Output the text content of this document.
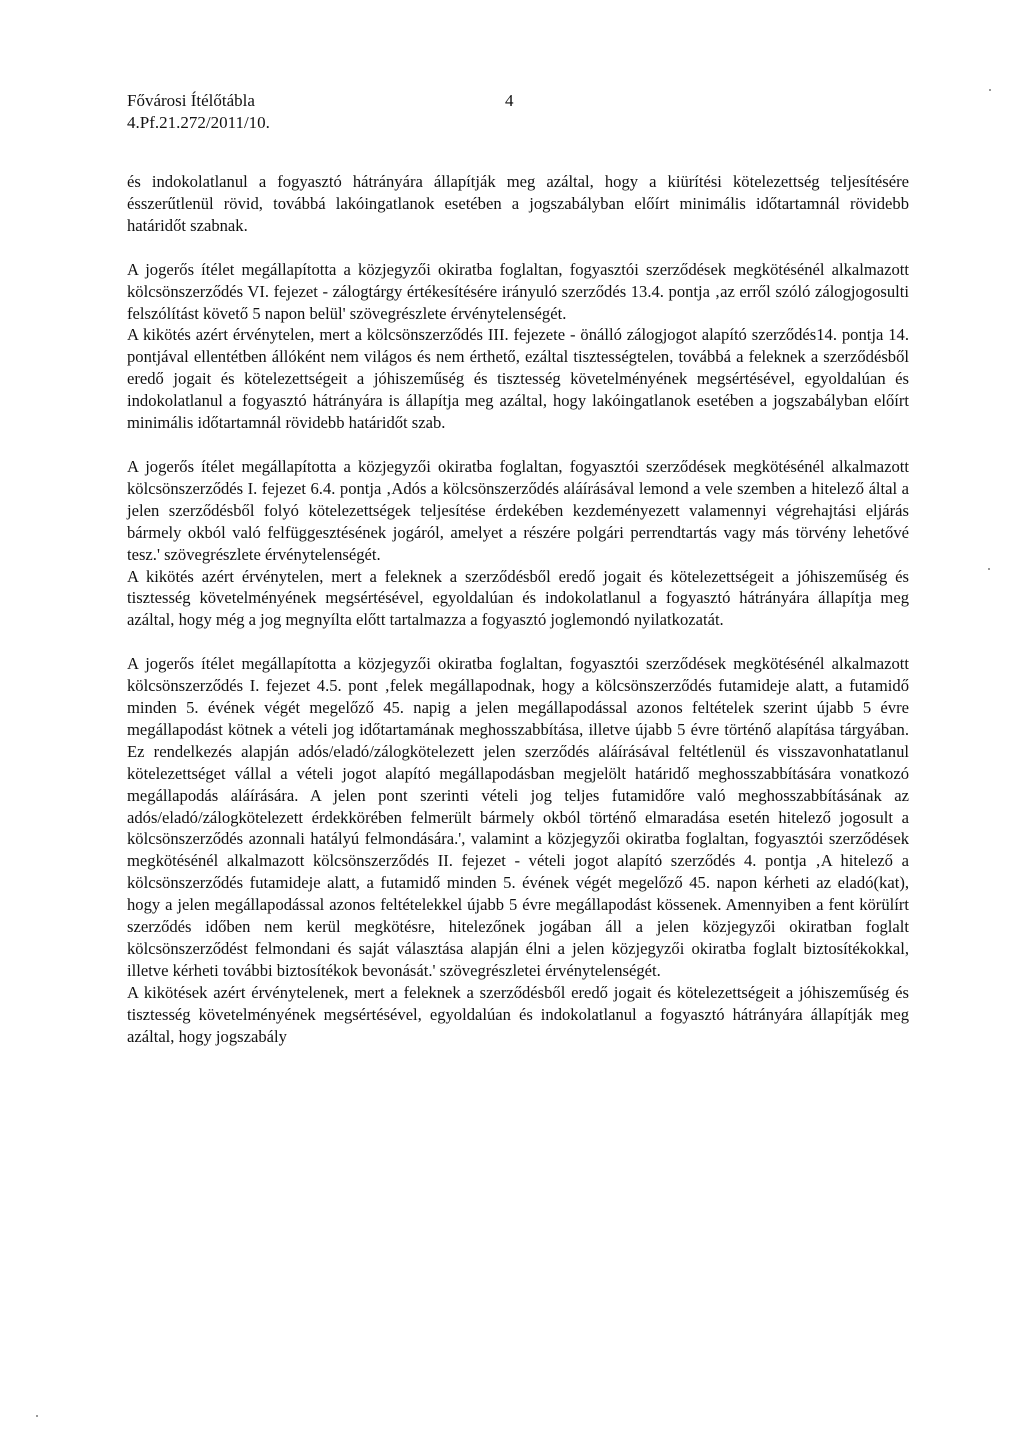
Fővárosi Ítélőtábla
4.Pf.21.272/2011/10.
4

és indokolatlanul a fogyasztó hátrányára állapítják meg azáltal, hogy a kiürítési kötelezettség teljesítésére ésszerűtlenül rövid, továbbá lakóingatlanok esetében a jogszabályban előírt minimális időtartamnál rövidebb határidőt szabnak.

A jogerős ítélet megállapította a közjegyzői okiratba foglaltan, fogyasztói szerződések megkötésénél alkalmazott kölcsönszerződés VI. fejezet - zálogtárgy értékesítésére irányuló szerződés 13.4. pontja ‚az erről szóló zálogjogosulti felszólítást követő 5 napon belül' szövegrészlete érvénytelenségét.

A kikötés azért érvénytelen, mert a kölcsönszerződés III. fejezete - önálló zálogjogot alapító szerződés14. pontja 14. pontjával ellentétben állóként nem világos és nem érthető, ezáltal tisztességtelen, továbbá a feleknek a szerződésből eredő jogait és kötelezettségeit a jóhiszeműség és tisztesség követelményének megsértésével, egyoldalúan és indokolatlanul a fogyasztó hátrányára is állapítja meg azáltal, hogy lakóingatlanok esetében a jogszabályban előírt minimális időtartamnál rövidebb határidőt szab.

A jogerős ítélet megállapította a közjegyzői okiratba foglaltan, fogyasztói szerződések megkötésénél alkalmazott kölcsönszerződés I. fejezet 6.4. pontja ‚Adós a kölcsönszerződés aláírásával lemond a vele szemben a hitelező által a jelen szerződésből folyó kötelezettségek teljesítése érdekében kezdeményezett valamennyi végrehajtási eljárás bármely okból való felfüggesztésének jogáról, amelyet a részére polgári perrendtartás vagy más törvény lehetővé tesz.' szövegrészlete érvénytelenségét.

A kikötés azért érvénytelen, mert a feleknek a szerződésből eredő jogait és kötelezettségeit a jóhiszeműség és tisztesség követelményének megsértésével, egyoldalúan és indokolatlanul a fogyasztó hátrányára állapítja meg azáltal, hogy még a jog megnyílta előtt tartalmazza a fogyasztó joglemondó nyilatkozatát.

A jogerős ítélet megállapította a közjegyzői okiratba foglaltan, fogyasztói szerződések megkötésénél alkalmazott kölcsönszerződés I. fejezet 4.5. pont ‚felek megállapodnak, hogy a kölcsönszerződés futamideje alatt, a futamidő minden 5. évének végét megelőző 45. napig a jelen megállapodással azonos feltételek szerint újabb 5 évre megállapodást kötnek a vételi jog időtartamának meghosszabbítása, illetve újabb 5 évre történő alapítása tárgyában. Ez rendelkezés alapján adós/eladó/zálogkötelezett jelen szerződés aláírásával feltétlenül és visszavonhatatlanul kötelezettséget vállal a vételi jogot alapító megállapodásban megjelölt határidő meghosszabbítására vonatkozó megállapodás aláírására. A jelen pont szerinti vételi jog teljes futamidőre való meghosszabbításának az adós/eladó/zálogkötelezett érdekkörében felmerült bármely okból történő elmaradása esetén hitelező jogosult a kölcsönszerződés azonnali hatályú felmondására.', valamint a közjegyzői okiratba foglaltan, fogyasztói szerződések megkötésénél alkalmazott kölcsönszerződés II. fejezet - vételi jogot alapító szerződés 4. pontja ‚A hitelező a kölcsönszerződés futamideje alatt, a futamidő minden 5. évének végét megelőző 45. napon kérheti az eladó(kat), hogy a jelen megállapodással azonos feltételekkel újabb 5 évre megállapodást kössenek. Amennyiben a fent körülírt szerződés időben nem kerül megkötésre, hitelezőnek jogában áll a jelen közjegyzői okiratban foglalt kölcsönszerződést felmondani és saját választása alapján élni a jelen közjegyzői okiratba foglalt biztosítékokkal, illetve kérheti további biztosítékok bevonását.' szövegrészletei érvénytelenségét.

A kikötések azért érvénytelenek, mert a feleknek a szerződésből eredő jogait és kötelezettségeit a jóhiszeműség és tisztesség követelményének megsértésével, egyoldalúan és indokolatlanul a fogyasztó hátrányára állapítják meg azáltal, hogy jogszabály
